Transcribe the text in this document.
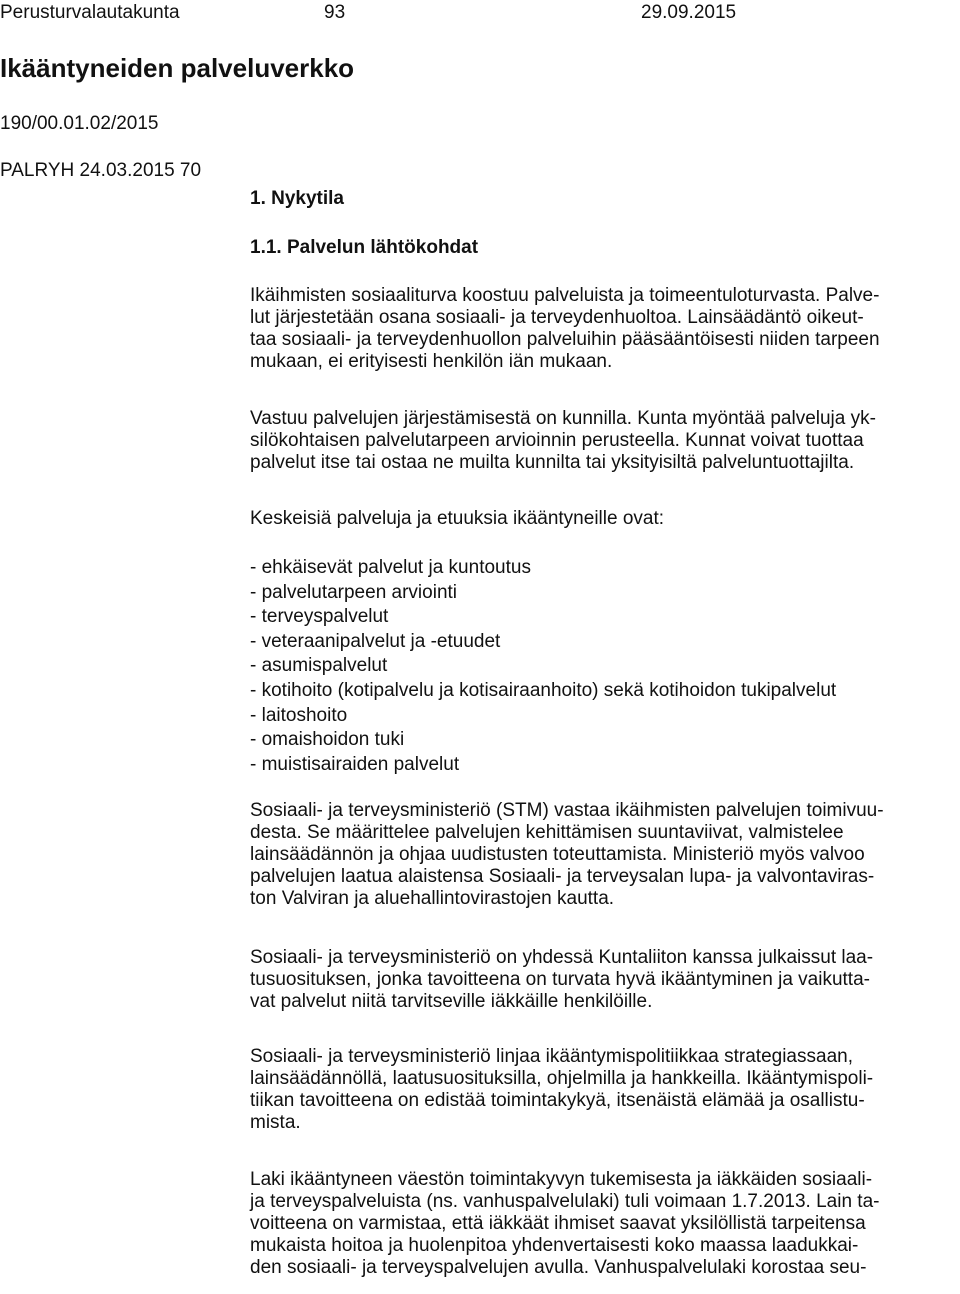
Perusturvalautakunta	93	29.09.2015
Ikääntyneiden palveluverkko
190/00.01.02/2015
PALRYH 24.03.2015 70
1. Nykytila
1.1. Palvelun lähtökohdat
Ikäihmisten sosiaaliturva koostuu palveluista ja toimeentuloturvasta. Palve-
lut järjestetään osana sosiaali- ja terveydenhuoltoa. Lainsäädäntö oikeut-
taa sosiaali- ja terveydenhuollon palveluihin pääsääntöisesti niiden tarpeen
mukaan, ei erityisesti henkilön iän mukaan.
Vastuu palvelujen järjestämisestä on kunnilla. Kunta myöntää palveluja yk-
silökohtaisen palvelutarpeen arvioinnin perusteella. Kunnat voivat tuottaa
palvelut itse tai ostaa ne muilta kunnilta tai yksityisiltä palveluntuottajilta.
Keskeisiä palveluja ja etuuksia ikääntyneille ovat:
- ehkäisevät palvelut ja kuntoutus
- palvelutarpeen arviointi
- terveyspalvelut
- veteraanipalvelut ja -etuudet
- asumispalvelut
- kotihoito (kotipalvelu ja kotisairaanhoito) sekä kotihoidon tukipalvelut
- laitoshoito
- omaishoidon tuki
- muistisairaiden palvelut
Sosiaali- ja terveysministeriö (STM) vastaa ikäihmisten palvelujen toimivuu-
desta. Se määrittelee palvelujen kehittämisen suuntaviivat, valmistelee
lainsäädännön ja ohjaa uudistusten toteuttamista. Ministeriö myös valvoo
palvelujen laatua alaistensa Sosiaali- ja terveysalan lupa- ja valvontaviras-
ton Valviran ja aluehallintovirastojen kautta.
Sosiaali- ja terveysministeriö on yhdessä Kuntaliiton kanssa julkaissut laa-
tusuosituksen, jonka tavoitteena on turvata hyvä ikääntyminen ja vaikutta-
vat palvelut niitä tarvitseville iäkkäille henkilöille.
Sosiaali- ja terveysministeriö linjaa ikääntymispolitiikkaa strategiassaan,
lainsäädännöllä, laatusuosituksilla, ohjelmilla ja hankkeilla. Ikääntymispoli-
tiikan tavoitteena on edistää toimintakykyä, itsenäistä elämää ja osallistu-
mista.
Laki ikääntyneen väestön toimintakyvyn tukemisesta ja iäkkäiden sosiaali-
ja terveyspalveluista (ns. vanhuspalvelulaki) tuli voimaan 1.7.2013. Lain ta-
voitteena on varmistaa, että iäkkäät ihmiset saavat yksilöllistä tarpeitensa
mukaista hoitoa ja huolenpitoa yhdenvertaisesti koko maassa laadukkai-
den sosiaali- ja terveyspalvelujen avulla. Vanhuspalvelulaki korostaa seu-
